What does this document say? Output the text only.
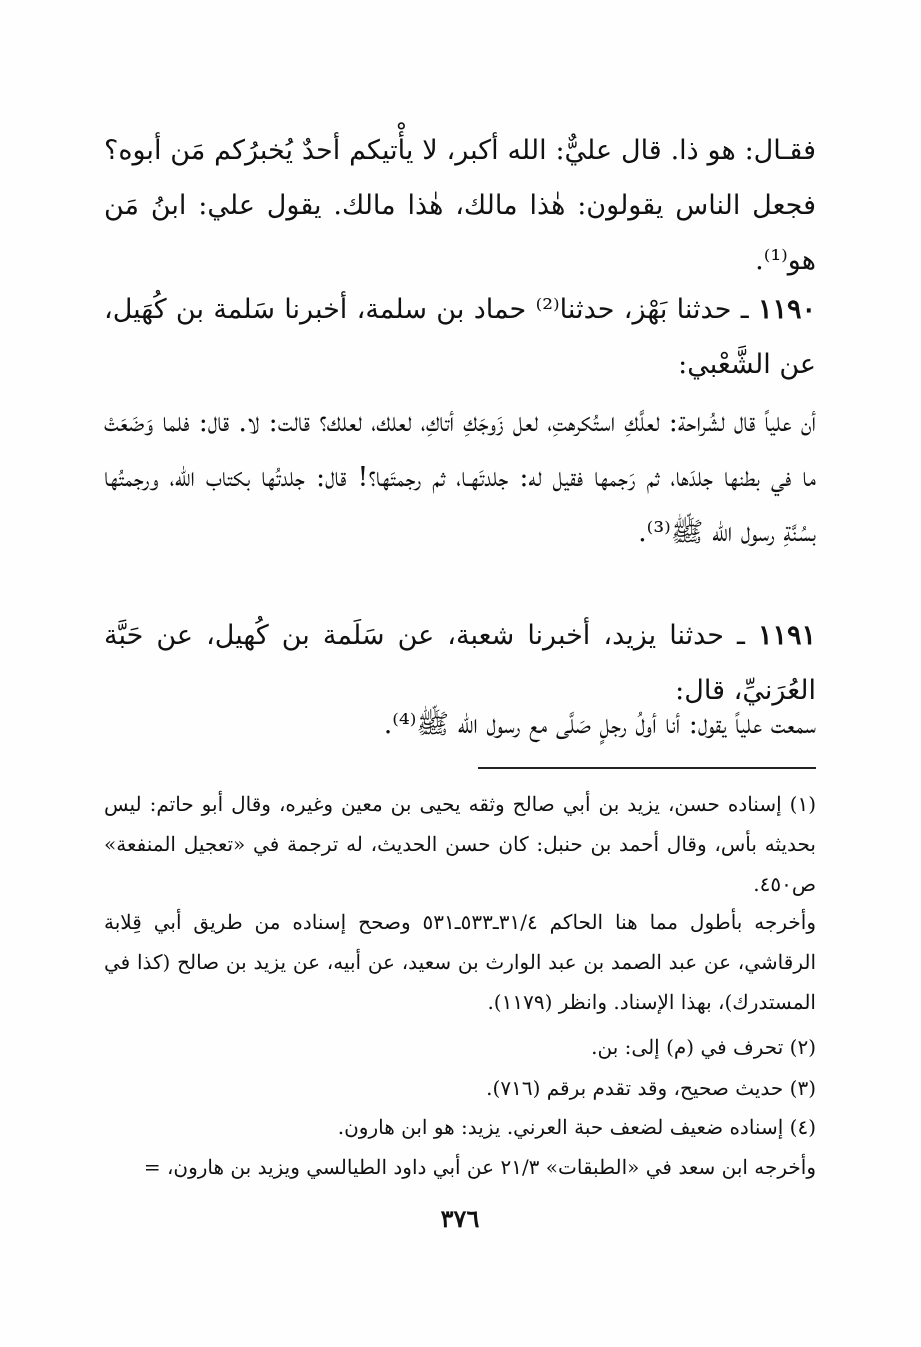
فقـال: هو ذا. قال عليٌّ: الله أكبر، لا يأْتيكم أحدٌ يُخبرُكم مَن أبوه؟ فجعل الناس يقولون: هٰذا مالك، هٰذا مالك. يقول علي: ابنُ مَن هو⁽¹⁾.
١١٩٠ ـ حدثنا بَهْز، حدثنا⁽²⁾ حماد بن سلمة، أخبرنا سَلمة بن كُهَيل، عن الشَّعْبي:
أن علياً قال لشُراحة: لعلَّكِ استُكرهتِ، لعل زَوجَكِ أتاكِ، لعلك، لعلك؟ قالت: لا. قال: فلما وَضَعَتْ ما في بطنها جلدَها، ثم رَجمها فقيل له: جلدتَهـا، ثم رجمتَها؟! قال: جلدتُها بكتاب الله، ورجمتُها بسُنَّةِ رسول الله ﷺ⁽³⁾.
١١٩١ ـ حدثنا يزيد، أخبرنا شعبة، عن سَلَمة بن كُهيل، عن حَبَّة العُرَنيِّ، قال:
سمعت علياً يقول: أنا أولُ رجلٍ صَلَّى مع رسول الله ﷺ⁽⁴⁾.
(١) إسناده حسن، يزيد بن أبي صالح وثقه يحيى بن معين وغيره، وقال أبو حاتم: ليس بحديثه بأس، وقال أحمد بن حنبل: كان حسن الحديث، له ترجمة في «تعجيل المنفعة» ص٤٥٠.
وأخرجه بأطول مما هنا الحاكم ٣١/٤ـ٥٣٣ـ٥٣١ وصحح إسناده من طريق أبي قِلابة الرقاشي، عن عبد الصمد بن عبد الوارث بن سعيد، عن أبيه، عن يزيد بن صالح (كذا في المستدرك)، بهذا الإسناد. وانظر (١١٧٩).
(٢) تحرف في (م) إلى: بن.
(٣) حديث صحيح، وقد تقدم برقم (٧١٦).
(٤) إسناده ضعيف لضعف حبة العرني. يزيد: هو ابن هارون.
وأخرجه ابن سعد في «الطبقات» ٢١/٣ عن أبي داود الطيالسي ويزيد بن هارون، =
٣٧٦
